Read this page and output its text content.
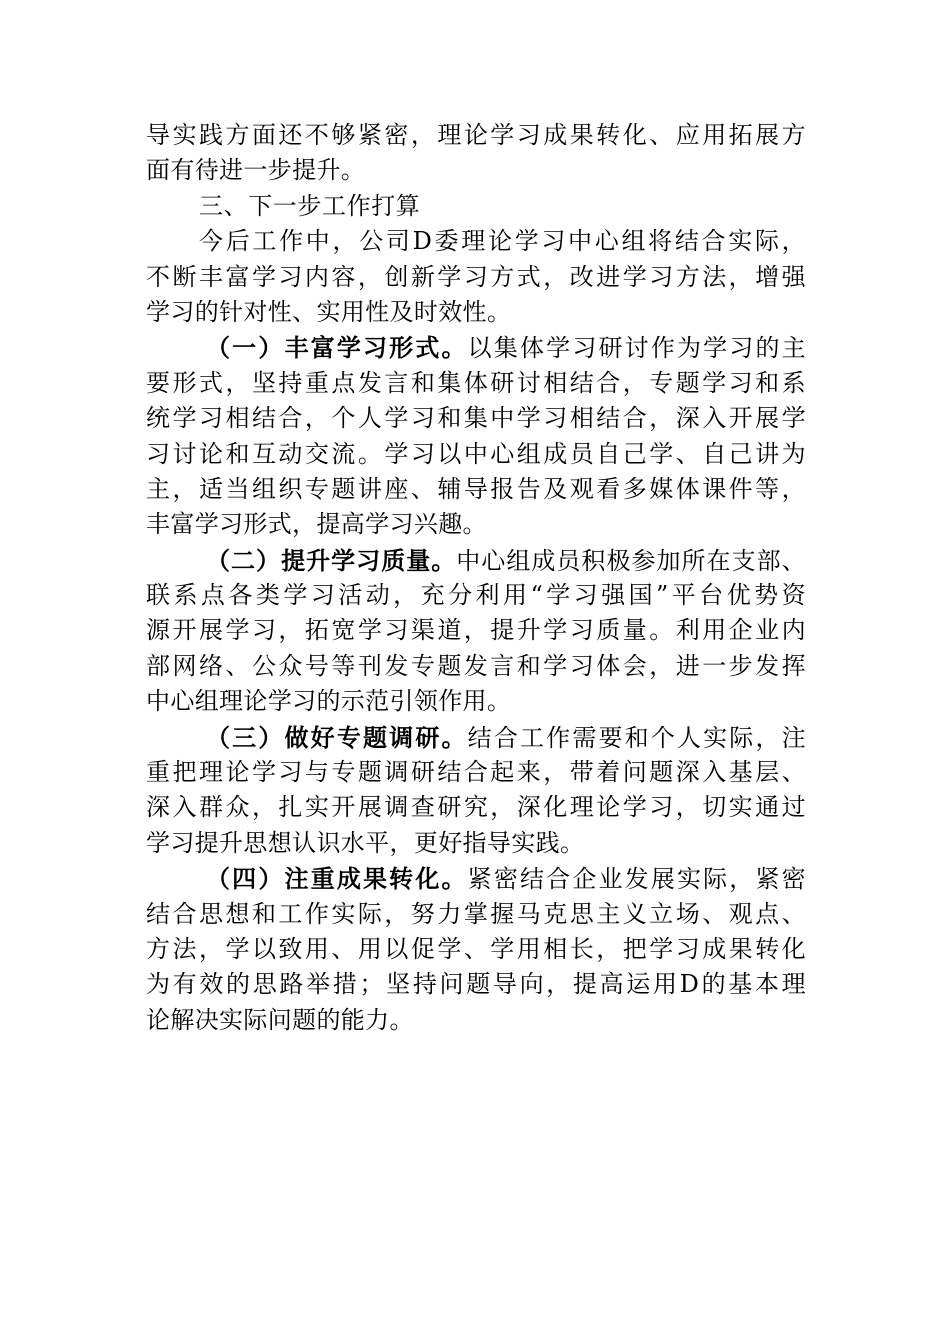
导实践方面还不够紧密，理论学习成果转化、应用拓展方
面有待进一步提升。
三、下一步工作打算
今后工作中，公司D委理论学习中心组将结合实际，
不断丰富学习内容，创新学习方式，改进学习方法，增强
学习的针对性、实用性及时效性。
（一）丰富学习形式。以集体学习研讨作为学习的主
要形式，坚持重点发言和集体研讨相结合，专题学习和系
统学习相结合，个人学习和集中学习相结合，深入开展学
习讨论和互动交流。学习以中心组成员自己学、自己讲为
主，适当组织专题讲座、辅导报告及观看多媒体课件等，
丰富学习形式，提高学习兴趣。
（二）提升学习质量。中心组成员积极参加所在支部、
联系点各类学习活动，充分利用“学习强国”平台优势资
源开展学习，拓宽学习渠道，提升学习质量。利用企业内
部网络、公众号等刊发专题发言和学习体会，进一步发挥
中心组理论学习的示范引领作用。
（三）做好专题调研。结合工作需要和个人实际，注
重把理论学习与专题调研结合起来，带着问题深入基层、
深入群众，扎实开展调查研究，深化理论学习，切实通过
学习提升思想认识水平，更好指导实践。
（四）注重成果转化。紧密结合企业发展实际，紧密
结合思想和工作实际，努力掌握马克思主义立场、观点、
方法，学以致用、用以促学、学用相长，把学习成果转化
为有效的思路举措；坚持问题导向，提高运用D的基本理
论解决实际问题的能力。
